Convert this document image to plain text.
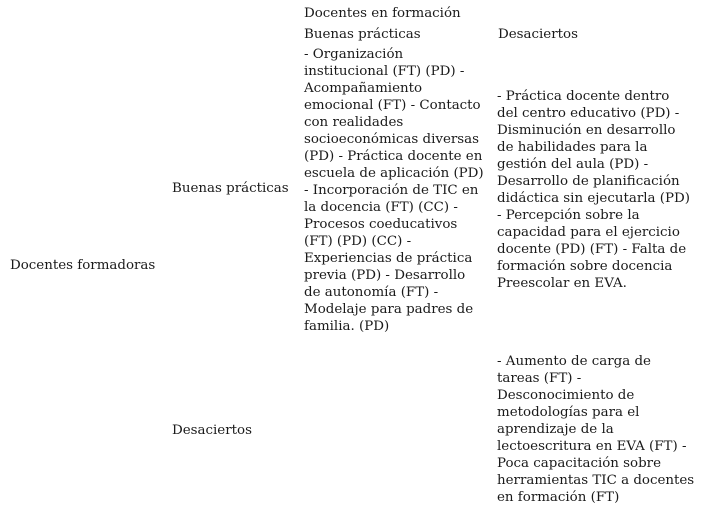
Docentes en formación
Buenas prácticas	Desaciertos
Docentes formadoras
Buenas prácticas
Desaciertos
- Organización institucional (FT) (PD) - Acompañamiento emocional (FT) - Contacto con realidades socioeconómicas diversas (PD) - Práctica docente en escuela de aplicación (PD) - Incorporación de TIC en la docencia (FT) (CC) - Procesos coeducativos (FT) (PD) (CC) - Experiencias de práctica previa (PD) - Desarrollo de autonomía (FT) - Modelaje para padres de familia. (PD)
- Práctica docente dentro del centro educativo (PD) - Disminución en desarrollo de habilidades para la gestión del aula (PD) - Desarrollo de planificación didáctica sin ejecutarla (PD) - Percepción sobre la capacidad para el ejercicio docente (PD) (FT) - Falta de formación sobre docencia Preescolar en EVA.
- Aumento de carga de tareas (FT) - Desconocimiento de metodologías para el aprendizaje de la lectoescritura en EVA (FT) - Poca capacitación sobre herramientas TIC a docentes en formación (FT)
